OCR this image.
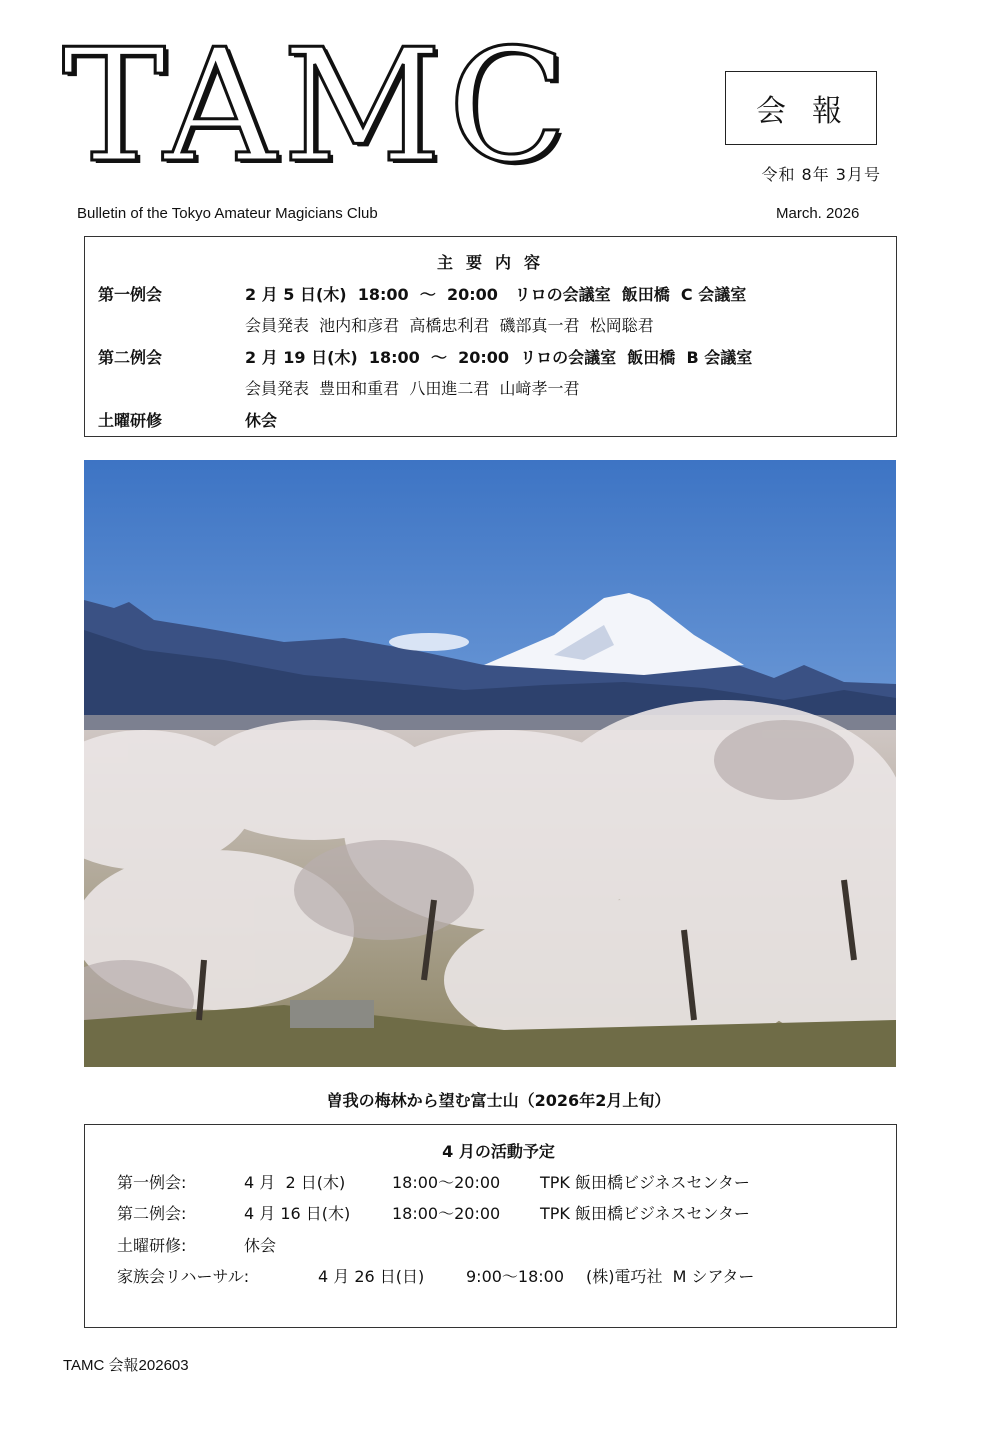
TAMC	会報
令和 8年 3月号
Bulletin of the Tokyo Amateur Magicians Club	March. 2026
主要内容
第一例会	2 月 5 日(木)  18:00  ～  20:00   リロの会議室  飯田橋  C 会議室
会員発表  池内和彦君  高橋忠利君  磯部真一君  松岡聡君
第二例会	2 月 19 日(木)  18:00  ～  20:00  リロの会議室  飯田橋  B 会議室
会員発表  豊田和重君  八田進二君  山﨑孝一君
土曜研修	休会
曽我の梅林から望む富士山（2026年2月上旬）
4 月の活動予定
第一例会:	4 月  2 日(木)	18:00～20:00 TPK 飯田橋ビジネスセンター
第二例会:	4 月 16 日(木)	18:00～20:00 TPK 飯田橋ビジネスセンター
土曜研修:	休会
家族会リハーサル:	4 月 26 日(日)	9:00～18:00 (株)電巧社  M シアター
TAMC 会報202603
